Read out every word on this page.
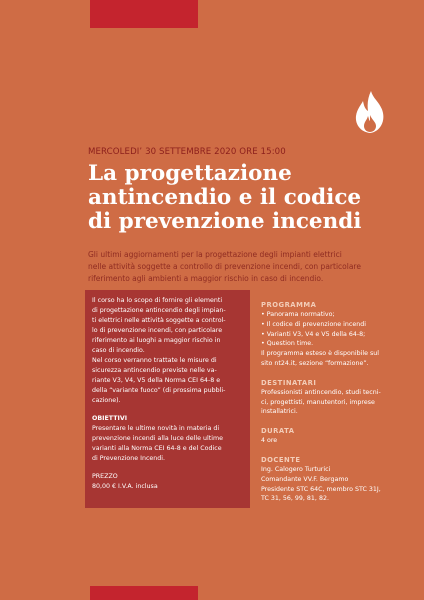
MERCOLEDI’ 30 SETTEMBRE 2020 ORE 15:00
La progettazione
antincendio e il codice
di prevenzione incendi

Gli ultimi aggiornamenti per la progettazione degli impianti elettrici
nelle attività soggette a controllo di prevenzione incendi, con particolare
riferimento agli ambienti a maggior rischio in caso di incendio.

Il corso ha lo scopo di fornire gli elementi
di progettazione antincendio degli impian-
ti elettrici nelle attività soggette a control-
lo di prevenzione incendi, con particolare
riferimento ai luoghi a maggior rischio in
caso di incendio.
Nel corso verranno trattate le misure di
sicurezza antincendio previste nelle va-
riante V3, V4, V5 della Norma CEI 64-8 e
della “variante fuoco” (di prossima pubbli-
cazione).
OBIETTIVI
Presentare le ultime novità in materia di
prevenzione incendi alla luce delle ultime
varianti alla Norma CEI 64-8 e del Codice
di Prevenzione Incendi.
PREZZO
80,00 € I.V.A. inclusa

PROGRAMMA

• Panorama normativo;
• Il codice di prevenzione incendi
• Varianti V3, V4 e V5 della 64-8;
• Question time.
Il programma esteso è disponibile sul
sito nt24.it, sezione “formazione”.

DESTINATARI

Professionisti antincendio, studi tecni-
ci, progettisti, manutentori, imprese
installatrici.

DURATA

4 ore

DOCENTE

Ing. Calogero Turturici
Comandante VV.F. Bergamo
Presidente STC 64C, membro STC 31J,
TC 31, 56, 99, 81, 82.
